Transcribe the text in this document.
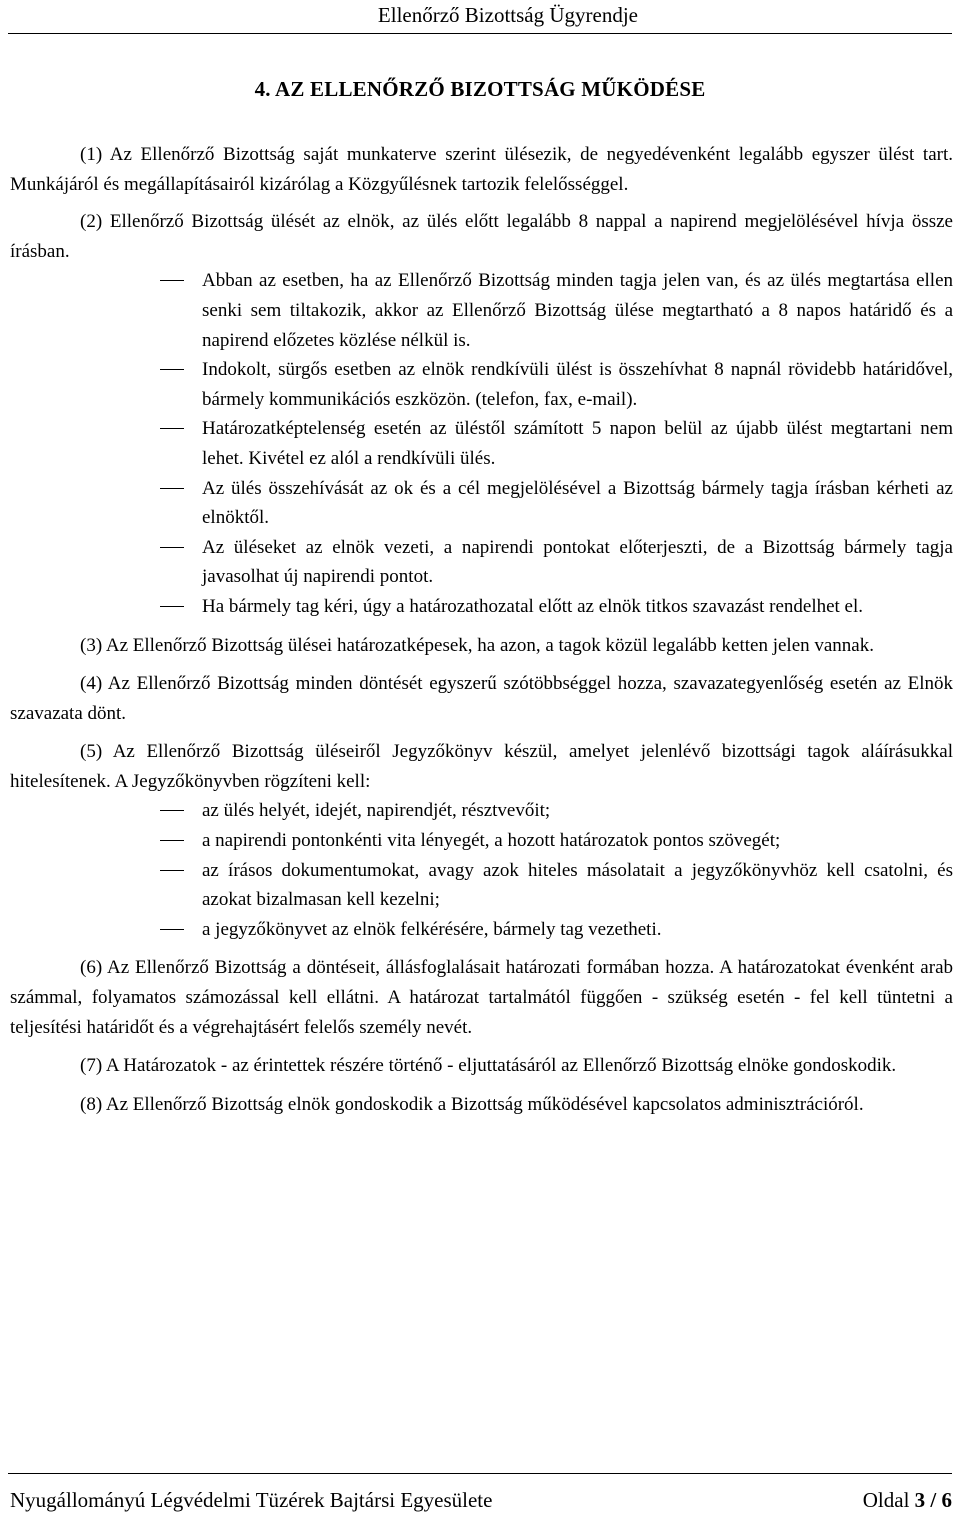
Ellenőrző Bizottság Ügyrendje
4. AZ ELLENŐRZŐ BIZOTTSÁG MŰKÖDÉSE

(1) Az Ellenőrző Bizottság saját munkaterve szerint ülésezik, de negyedévenként legalább egyszer ülést tart. Munkájáról és megállapításairól kizárólag a Közgyűlésnek tartozik felelősséggel.

(2) Ellenőrző Bizottság ülését az elnök, az ülés előtt legalább 8 nappal a napirend megjelölésével hívja össze írásban.

Abban az esetben, ha az Ellenőrző Bizottság minden tagja jelen van, és az ülés megtartása ellen senki sem tiltakozik, akkor az Ellenőrző Bizottság ülése megtartható a 8 napos határidő és a napirend előzetes közlése nélkül is.
Indokolt, sürgős esetben az elnök rendkívüli ülést is összehívhat 8 napnál rövidebb határidővel, bármely kommunikációs eszközön. (telefon, fax, e-mail).
Határozatképtelenség esetén az üléstől számított 5 napon belül az újabb ülést megtartani nem lehet. Kivétel ez alól a rendkívüli ülés.
Az ülés összehívását az ok és a cél megjelölésével a Bizottság bármely tagja írásban kérheti az elnöktől.
Az üléseket az elnök vezeti, a napirendi pontokat előterjeszti, de a Bizottság bármely tagja javasolhat új napirendi pontot.
Ha bármely tag kéri, úgy a határozathozatal előtt az elnök titkos szavazást rendelhet el.

(3) Az Ellenőrző Bizottság ülései határozatképesek, ha azon, a tagok közül legalább ketten jelen vannak.

(4) Az Ellenőrző Bizottság minden döntését egyszerű szótöbbséggel hozza, szavazategyenlőség esetén az Elnök szavazata dönt.

(5) Az Ellenőrző Bizottság üléseiről Jegyzőkönyv készül, amelyet jelenlévő bizottsági tagok aláírásukkal hitelesítenek. A Jegyzőkönyvben rögzíteni kell:

az ülés helyét, idejét, napirendjét, résztvevőit;
a napirendi pontonkénti vita lényegét, a hozott határozatok pontos szövegét;
az írásos dokumentumokat, avagy azok hiteles másolatait a jegyzőkönyvhöz kell csatolni, és azokat bizalmasan kell kezelni;
a jegyzőkönyvet az elnök felkérésére, bármely tag vezetheti.

(6) Az Ellenőrző Bizottság a döntéseit, állásfoglalásait határozati formában hozza. A határozatokat évenként arab számmal, folyamatos számozással kell ellátni. A határozat tartalmától függően - szükség esetén - fel kell tüntetni a teljesítési határidőt és a végrehajtásért felelős személy nevét.

(7) A Határozatok - az érintettek részére történő - eljuttatásáról az Ellenőrző Bizottság elnöke gondoskodik.

(8) Az Ellenőrző Bizottság elnök gondoskodik a Bizottság működésével kapcsolatos adminisztrációról.

Nyugállományú Légvédelmi Tüzérek Bajtársi Egyesülete	Oldal 3 / 6
